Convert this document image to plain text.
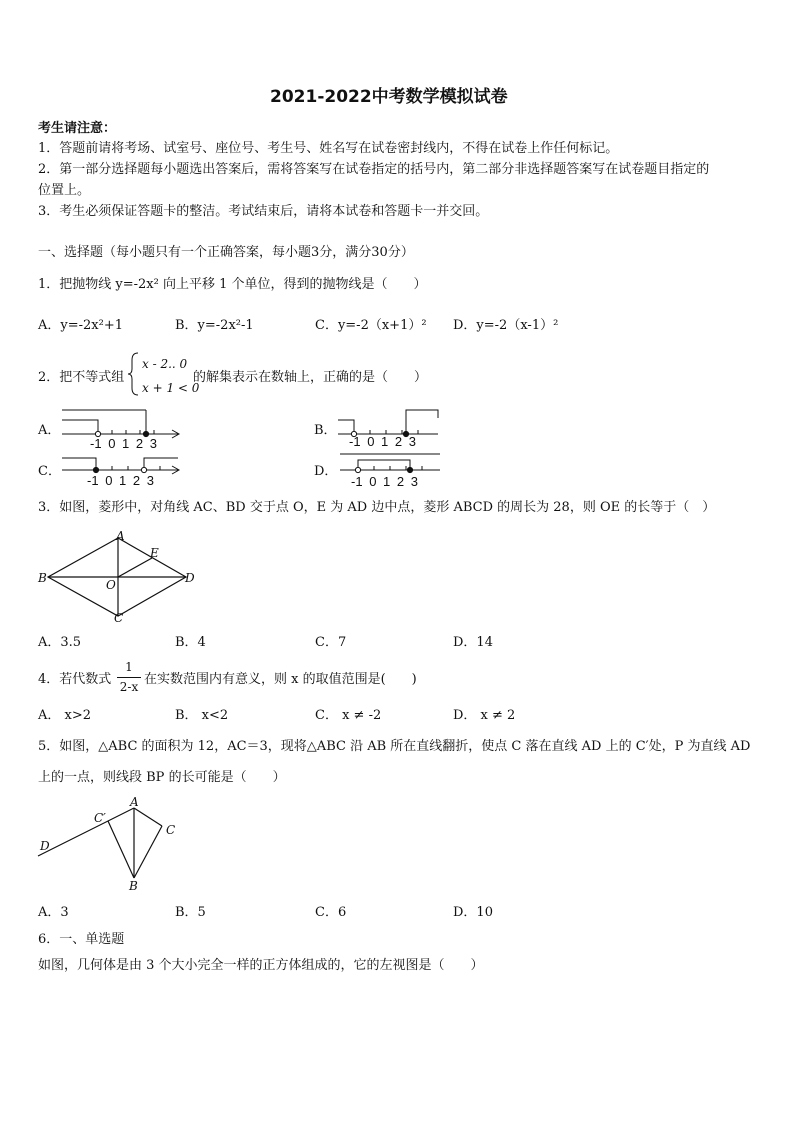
2021-2022中考数学模拟试卷
考生请注意：
1．答题前请将考场、试室号、座位号、考生号、姓名写在试卷密封线内，不得在试卷上作任何标记。
2．第一部分选择题每小题选出答案后，需将答案写在试卷指定的括号内，第二部分非选择题答案写在试卷题目指定的
位置上。
3．考生必须保证答题卡的整洁。考试结束后，请将本试卷和答题卡一并交回。
一、选择题（每小题只有一个正确答案，每小题3分，满分30分）
1．把抛物线 y=-2x² 向上平移 1 个单位，得到的抛物线是（　　）
A．y=-2x²+1	B．y=-2x²-1	C．y=-2（x+1）² D．y=-2（x-1）²
2．把不等式组
x - 2.. 0
x + 1 < 0
的解集表示在数轴上，正确的是（　　）
A．	B．
C．	D．
-1 0 1 2 3	-1 0 1 2 3
-1 0 1 2 3	-1 0 1 2 3
3．如图，菱形中，对角线 AC、BD 交于点 O，E 为 AD 边中点，菱形 ABCD 的周长为 28，则 OE 的长等于（　）
A
B
C
D
E
O
A．3.5	B．4	C．7	D．14
4．若代数式
1
2-x 在实数范围内有意义，则 x 的取值范围是(　　)
A． x>2	B． x<2	C． x ≠ -2	D． x ≠ 2
5．如图，△ABC 的面积为 12，AC＝3，现将△ABC 沿 AB 所在直线翻折，使点 C 落在直线 AD 上的 C′处，P 为直线 AD
上的一点，则线段 BP 的长可能是（　　）
A
B
C
C′
D
A．3	B．5	C．6	D．10
6．一、单选题
如图，几何体是由 3 个大小完全一样的正方体组成的，它的左视图是（　　）
